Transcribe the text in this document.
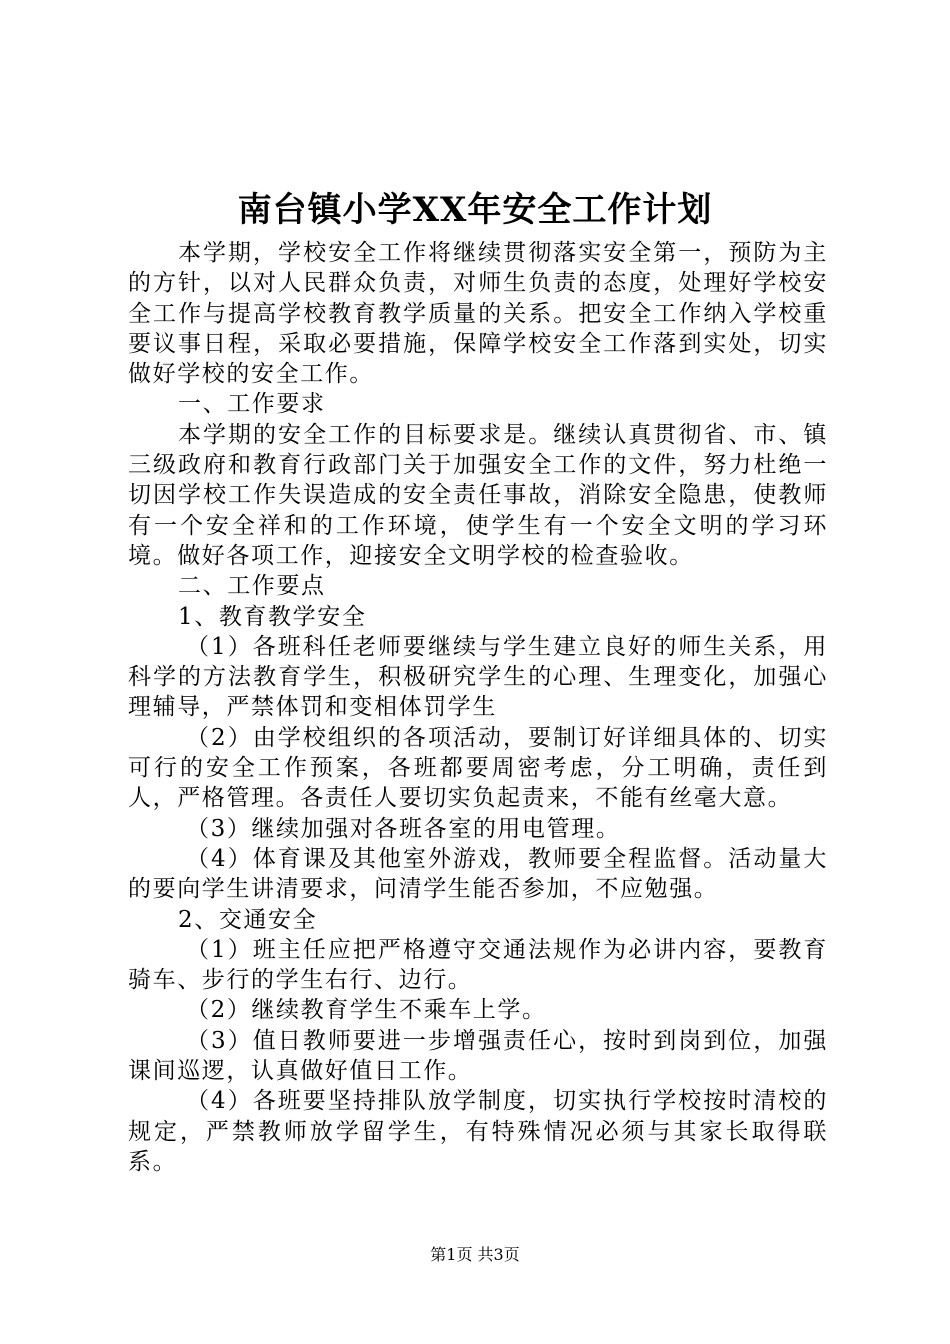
南台镇小学XX年安全工作计划

本学期，学校安全工作将继续贯彻落实安全第一，预防为主的方针，以对人民群众负责，对师生负责的态度，处理好学校安全工作与提高学校教育教学质量的关系。把安全工作纳入学校重要议事日程，采取必要措施，保障学校安全工作落到实处，切实做好学校的安全工作。

一、工作要求

本学期的安全工作的目标要求是。继续认真贯彻省、市、镇三级政府和教育行政部门关于加强安全工作的文件，努力杜绝一切因学校工作失误造成的安全责任事故，消除安全隐患，使教师有一个安全祥和的工作环境，使学生有一个安全文明的学习环境。做好各项工作，迎接安全文明学校的检查验收。

二、工作要点

1、教育教学安全

（1）各班科任老师要继续与学生建立良好的师生关系，用科学的方法教育学生，积极研究学生的心理、生理变化，加强心理辅导，严禁体罚和变相体罚学生

（2）由学校组织的各项活动，要制订好详细具体的、切实可行的安全工作预案，各班都要周密考虑，分工明确，责任到人，严格管理。各责任人要切实负起责来，不能有丝毫大意。

（3）继续加强对各班各室的用电管理。

（4）体育课及其他室外游戏，教师要全程监督。活动量大的要向学生讲清要求，问清学生能否参加，不应勉强。

2、交通安全

（1）班主任应把严格遵守交通法规作为必讲内容，要教育骑车、步行的学生右行、边行。

（2）继续教育学生不乘车上学。

（3）值日教师要进一步增强责任心，按时到岗到位，加强课间巡逻，认真做好值日工作。

（4）各班要坚持排队放学制度，切实执行学校按时清校的规定，严禁教师放学留学生，有特殊情况必须与其家长取得联系。

第1页 共3页
